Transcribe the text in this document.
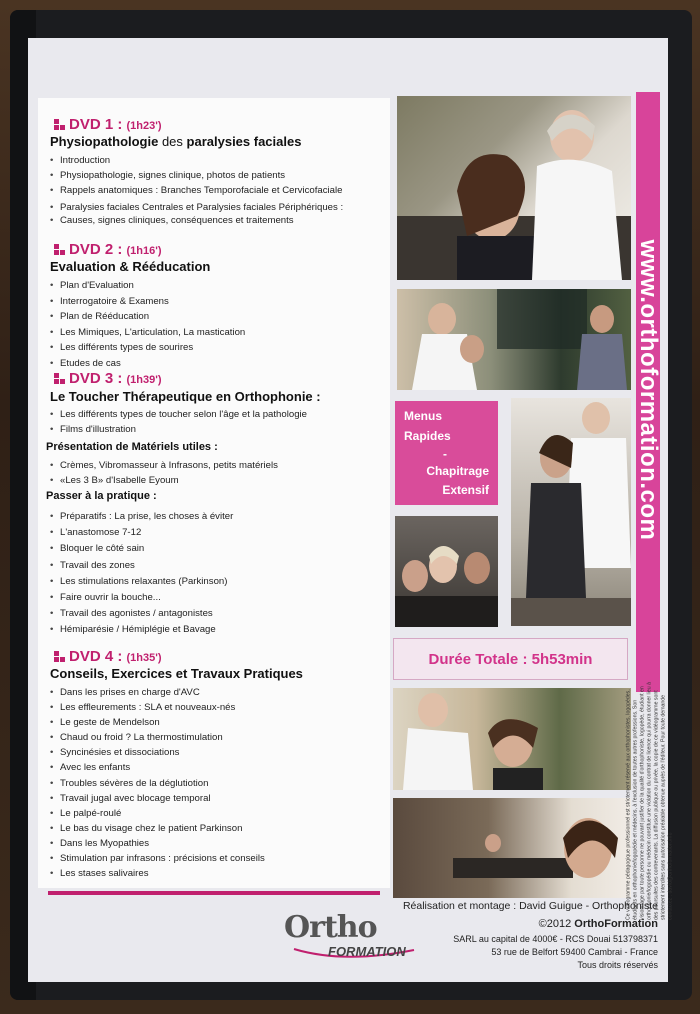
DVD 1 : (1h23')
Physiopathologie des paralysies faciales
• Introduction
• Physiopathologie, signes clinique, photos de patients
• Rappels anatomiques : Branches Temporofaciale et Cervicofaciale
• Paralysies faciales Centrales et Paralysies faciales Périphériques :
• Causes, signes cliniques, conséquences et traitements
DVD 2 : (1h16')
Evaluation & Rééducation
• Plan d'Evaluation
• Interrogatoire & Examens
• Plan de Rééducation
• Les Mimiques, L'articulation, La mastication
• Les différents types de sourires
• Etudes de cas
DVD 3 : (1h39')
Le Toucher Thérapeutique en Orthophonie :
• Les différents types de toucher selon l'âge et la pathologie
• Films d'illustration
Présentation de Matériels utiles :
• Crèmes, Vibromasseur à Infrasons, petits matériels
• «Les 3 B» d'Isabelle Eyoum
Passer à la pratique :
• Préparatifs : La prise, les choses à éviter
• L'anastomose 7-12
• Bloquer le côté sain
• Travail des zones
• Les stimulations relaxantes (Parkinson)
• Faire ouvrir la bouche...
• Travail des agonistes / antagonistes
• Hémiparésie / Hémiplégie et Bavage
DVD 4 : (1h35')
Conseils, Exercices et Travaux Pratiques
• Dans les prises en charge d'AVC
• Les effleurements : SLA et nouveaux-nés
• Le geste de Mendelson
• Chaud ou froid ? La thermostimulation
• Syncinésies et dissociations
• Avec les enfants
• Troubles sévères de la déglutiotion
• Travail jugal avec blocage temporal
• Le palpé-roulé
• Le bas du visage chez le patient Parkinson
• Dans les Myopathies
• Stimulation par infrasons : précisions et conseils
• Les stases salivaires
Menus
Rapides
-
Chapitrage
Extensif
Durée Totale : 5h53min
www.orthoformation.com
Ce vidéogramme pédagogique professionnel est strictement réservé aux orthophonistes, logopèdes, étudiants en orthophonie/logopédie et médecins, à l'exclusion de toutes autres professions. Son visionnage par toute personne ne pouvant justifier de la qualité d'orthophoniste, logopède, étudiant en orthophonie/logopédie ou médecin constitue une violation du contrat de licence qui pourra donner lieu à des poursuites des contrevenants. La diffusion publique ou privée, la copie de ce vidéogramme sont strictement interdites sans autorisation préalable obtenue auprès de l'éditeur. Pour toute demande contactez : david@orthoformation.info
Réalisation et montage : David Guigue - Orthophoniste
©2012 OrthoFormation
SARL au capital de 4000€ - RCS Douai 513798371
53 rue de Belfort 59400 Cambrai - France
Tous droits réservés
Ortho
FORMATION
